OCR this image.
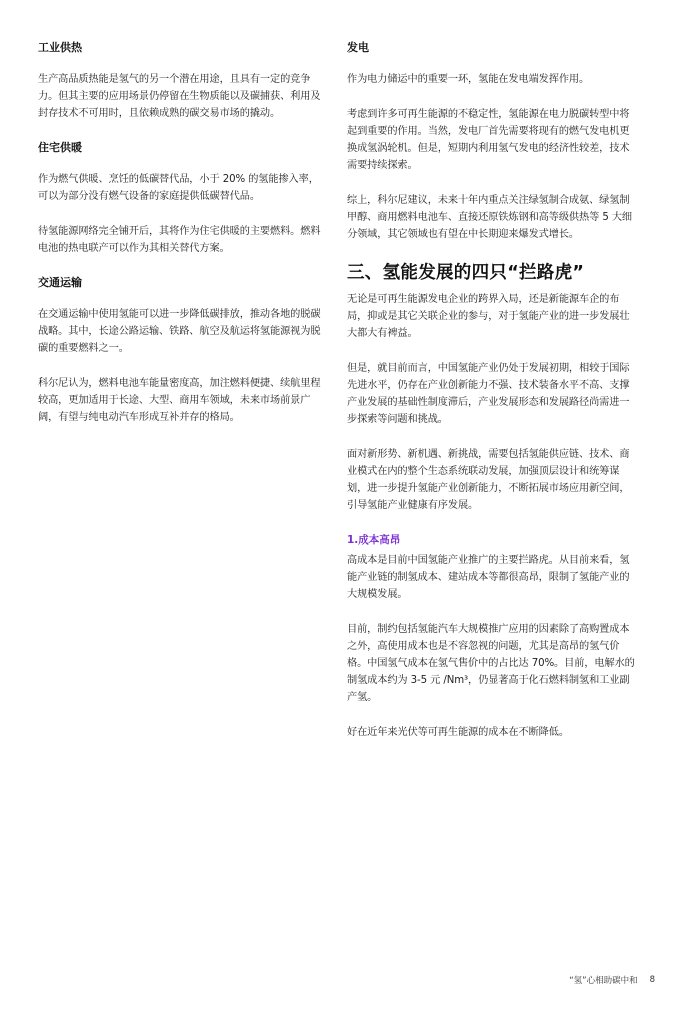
工业供热
生产高品质热能是氢气的另一个潜在用途，且具有一定的竞争力。但其主要的应用场景仍停留在生物质能以及碳捕获、利用及封存技术不可用时，且依赖成熟的碳交易市场的撬动。
住宅供暖
作为燃气供暖、烹饪的低碳替代品，小于 20% 的氢能掺入率，可以为部分没有燃气设备的家庭提供低碳替代品。
待氢能源网络完全铺开后，其将作为住宅供暖的主要燃料。燃料电池的热电联产可以作为其相关替代方案。
交通运输
在交通运输中使用氢能可以进一步降低碳排放，推动各地的脱碳战略。其中，长途公路运输、铁路、航空及航运将氢能源视为脱碳的重要燃料之一。
科尔尼认为，燃料电池车能量密度高，加注燃料便捷、续航里程较高，更加适用于长途、大型、商用车领域，未来市场前景广阔，有望与纯电动汽车形成互补并存的格局。
发电
作为电力储运中的重要一环，氢能在发电端发挥作用。
考虑到许多可再生能源的不稳定性，氢能源在电力脱碳转型中将起到重要的作用。当然，发电厂首先需要将现有的燃气发电机更换成氢涡轮机。但是，短期内利用氢气发电的经济性较差，技术需要持续探索。
综上，科尔尼建议，未来十年内重点关注绿氢制合成氨、绿氢制甲醇、商用燃料电池车、直接还原铁炼钢和高等级供热等 5 大细分领域，其它领域也有望在中长期迎来爆发式增长。
三、氢能发展的四只“拦路虎”
无论是可再生能源发电企业的跨界入局，还是新能源车企的布局，抑或是其它关联企业的参与，对于氢能产业的进一步发展壮大都大有裨益。
但是，就目前而言，中国氢能产业仍处于发展初期，相较于国际先进水平，仍存在产业创新能力不强、技术装备水平不高、支撑产业发展的基础性制度滞后，产业发展形态和发展路径尚需进一步探索等问题和挑战。
面对新形势、新机遇、新挑战，需要包括氢能供应链、技术、商业模式在内的整个生态系统联动发展，加强顶层设计和统筹谋划，进一步提升氢能产业创新能力，不断拓展市场应用新空间，引导氢能产业健康有序发展。
1.成本高昂
高成本是目前中国氢能产业推广的主要拦路虎。从目前来看，氢能产业链的制氢成本、建站成本等都很高昂，限制了氢能产业的大规模发展。
目前，制约包括氢能汽车大规模推广应用的因素除了高购置成本之外，高使用成本也是不容忽视的问题，尤其是高昂的氢气价格。中国氢气成本在氢气售价中的占比达 70%。目前，电解水的制氢成本约为 3-5 元 /Nm³，仍显著高于化石燃料制氢和工业副产氢。
好在近年来光伏等可再生能源的成本在不断降低。
“氢”心相助碳中和 8
